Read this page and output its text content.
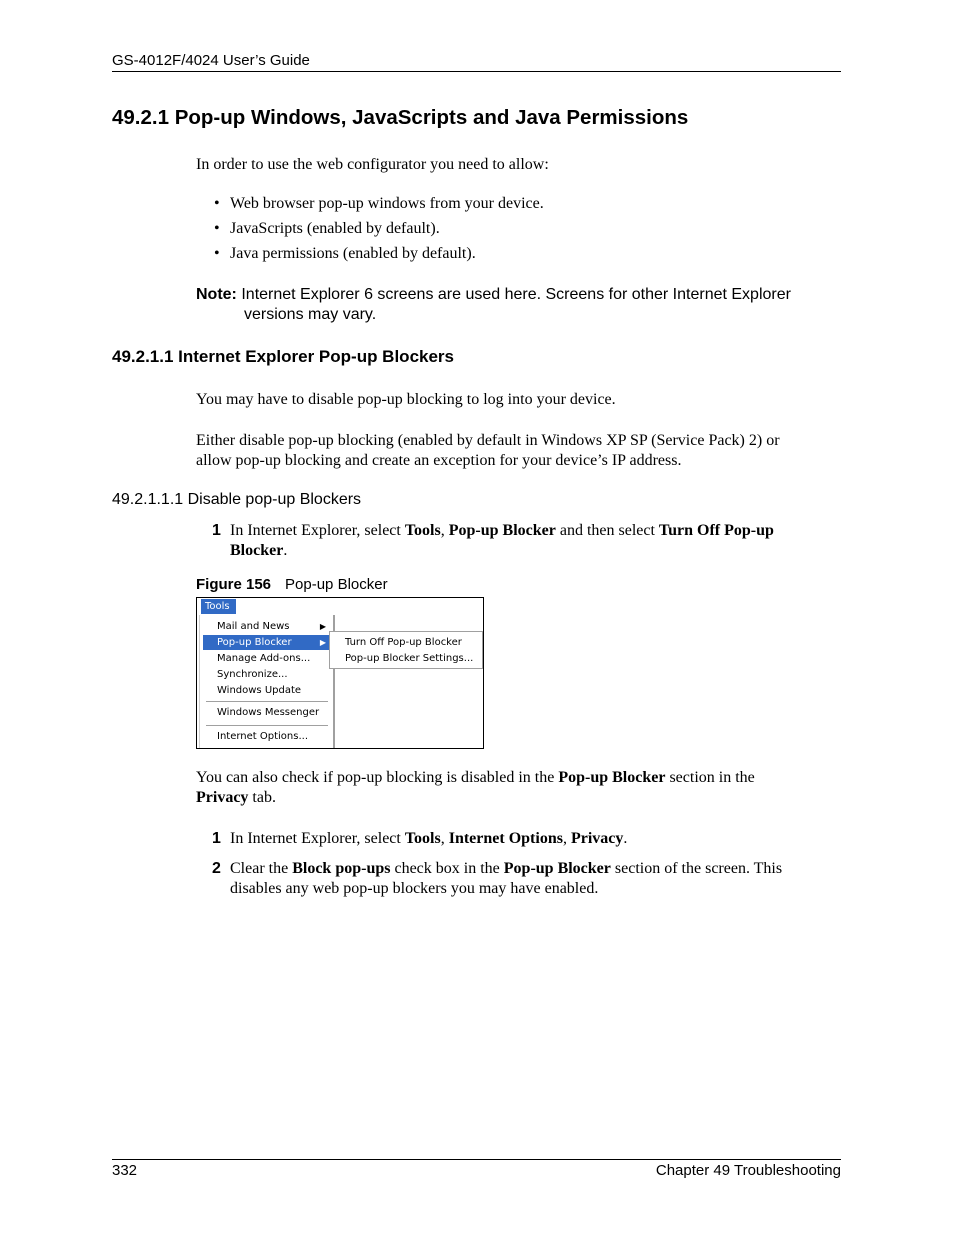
GS-4012F/4024 User’s Guide
49.2.1 Pop-up Windows, JavaScripts and Java Permissions
In order to use the web configurator you need to allow:
• Web browser pop-up windows from your device.
• JavaScripts (enabled by default).
• Java permissions (enabled by default).
Note: Internet Explorer 6 screens are used here. Screens for other Internet Explorer
versions may vary.
49.2.1.1 Internet Explorer Pop-up Blockers
You may have to disable pop-up blocking to log into your device.
Either disable pop-up blocking (enabled by default in Windows XP SP (Service Pack) 2) or
allow pop-up blocking and create an exception for your device’s IP address.
49.2.1.1.1 Disable pop-up Blockers
1 In Internet Explorer, select Tools, Pop-up Blocker and then select Turn Off Pop-up
Blocker.
Figure 156 Pop-up Blocker
Tools
Mail and News	▶
Pop-up Blocker	▶
Manage Add-ons...
Synchronize...
Windows Update
Windows Messenger
Internet Options...
Turn Off Pop-up Blocker
Pop-up Blocker Settings...
You can also check if pop-up blocking is disabled in the Pop-up Blocker section in the
Privacy tab.
1 In Internet Explorer, select Tools, Internet Options, Privacy.
2 Clear the Block pop-ups check box in the Pop-up Blocker section of the screen. This
disables any web pop-up blockers you may have enabled.
332	Chapter 49 Troubleshooting
